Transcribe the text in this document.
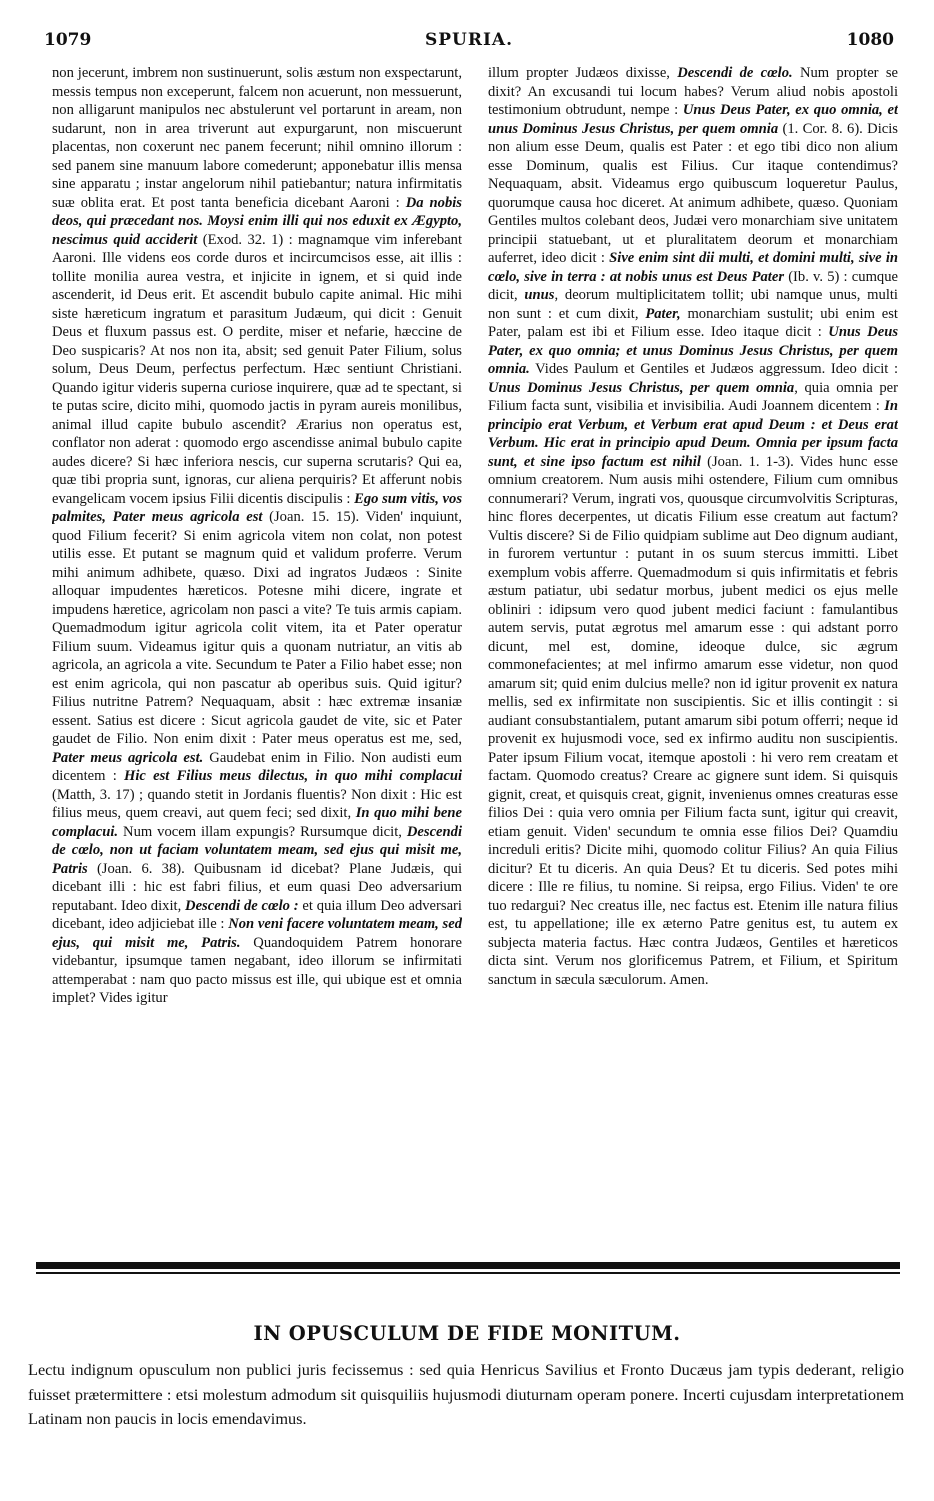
1079	SPURIA.	1080

non jecerunt, imbrem non sustinuerunt, solis æstum non exspectarunt, messis tempus non exceperunt, falcem non acuerunt, non messuerunt, non alligarunt manipulos nec abstulerunt vel portarunt in aream, non sudarunt, non in area triverunt aut expurgarunt, non miscuerunt placentas, non coxerunt nec panem fecerunt; nihil omnino illorum : sed panem sine manuum labore comederunt; apponebatur illis mensa sine apparatu ; instar angelorum nihil patiebantur; natura infirmitatis suæ oblita erat. Et post tanta beneficia dicebant Aaroni : Da nobis deos, qui præcedant nos. Moysi enim illi qui nos eduxit ex Ægypto, nescimus quid acciderit (Exod. 32. 1) : magnamque vim inferebant Aaroni. Ille videns eos corde duros et incircumcisos esse, ait illis : tollite monilia aurea vestra, et injicite in ignem, et si quid inde ascenderit, id Deus erit. Et ascendit bubulo capite animal. Hic mihi siste hæreticum ingratum et parasitum Judæum, qui dicit : Genuit Deus et fluxum passus est. O perdite, miser et nefarie, hæccine de Deo suspicaris? At nos non ita, absit; sed genuit Pater Filium, solus solum, Deus Deum, perfectus perfectum. Hæc sentiunt Christiani. Quando igitur videris superna curiose inquirere, quæ ad te spectant, si te putas scire, dicito mihi, quomodo jactis in pyram aureis monilibus, animal illud capite bubulo ascendit? Ærarius non operatus est, conflator non aderat : quomodo ergo ascendisse animal bubulo capite audes dicere? Si hæc inferiora nescis, cur superna scrutaris? Qui ea, quæ tibi propria sunt, ignoras, cur aliena perquiris? Et afferunt nobis evangelicam vocem ipsius Filii dicentis discipulis : Ego sum vitis, vos palmites, Pater meus agricola est (Joan. 15. 15). Viden' inquiunt, quod Filium fecerit? Si enim agricola vitem non colat, non potest utilis esse. Et putant se magnum quid et validum proferre. Verum mihi animum adhibete, quæso. Dixi ad ingratos Judæos : Sinite alloquar impudentes hæreticos. Potesne mihi dicere, ingrate et impudens hæretice, agricolam non pasci a vite? Te tuis armis capiam. Quemadmodum igitur agricola colit vitem, ita et Pater operatur Filium suum. Videamus igitur quis a quonam nutriatur, an vitis ab agricola, an agricola a vite. Secundum te Pater a Filio habet esse; non est enim agricola, qui non pascatur ab operibus suis. Quid igitur? Filius nutritne Patrem? Nequaquam, absit : hæc extremæ insaniæ essent. Satius est dicere : Sicut agricola gaudet de vite, sic et Pater gaudet de Filio. Non enim dixit : Pater meus operatus est me, sed, Pater meus agricola est. Gaudebat enim in Filio. Non audisti eum dicentem : Hic est Filius meus dilectus, in quo mihi complacui (Matth, 3. 17) ; quando stetit in Jordanis fluentis? Non dixit : Hic est filius meus, quem creavi, aut quem feci; sed dixit, In quo mihi bene complacui. Num vocem illam expungis? Rursumque dicit, Descendi de cœlo, non ut faciam voluntatem meam, sed ejus qui misit me, Patris (Joan. 6. 38). Quibusnam id dicebat? Plane Judæis, qui dicebant illi : hic est fabri filius, et eum quasi Deo adversarium reputabant. Ideo dixit, Descendi de cœlo : et quia illum Deo adversari dicebant, ideo adjiciebat ille : Non veni facere voluntatem meam, sed ejus, qui misit me, Patris. Quandoquidem Patrem honorare videbantur, ipsumque tamen negabant, ideo illorum se infirmitati attemperabat : nam quo pacto missus est ille, qui ubique est et omnia implet? Vides igitur

illum propter Judæos dixisse, Descendi de cœlo. Num propter se dixit? An excusandi tui locum habes? Verum aliud nobis apostoli testimonium obtrudunt, nempe : Unus Deus Pater, ex quo omnia, et unus Dominus Jesus Christus, per quem omnia (1. Cor. 8. 6). Dicis non alium esse Deum, qualis est Pater : et ego tibi dico non alium esse Dominum, qualis est Filius. Cur itaque contendimus? Nequaquam, absit. Videamus ergo quibuscum loqueretur Paulus, quorumque causa hoc diceret. At animum adhibete, quæso. Quoniam Gentiles multos colebant deos, Judæi vero monarchiam sive unitatem principii statuebant, ut et pluralitatem deorum et monarchiam auferret, ideo dicit : Sive enim sint dii multi, et domini multi, sive in cœlo, sive in terra : at nobis unus est Deus Pater (Ib. v. 5) : cumque dicit, unus, deorum multiplicitatem tollit; ubi namque unus, multi non sunt : et cum dixit, Pater, monarchiam sustulit; ubi enim est Pater, palam est ibi et Filium esse. Ideo itaque dicit : Unus Deus Pater, ex quo omnia; et unus Dominus Jesus Christus, per quem omnia. Vides Paulum et Gentiles et Judæos aggressum. Ideo dicit : Unus Dominus Jesus Christus, per quem omnia, quia omnia per Filium facta sunt, visibilia et invisibilia. Audi Joannem dicentem : In principio erat Verbum, et Verbum erat apud Deum : et Deus erat Verbum. Hic erat in principio apud Deum. Omnia per ipsum facta sunt, et sine ipso factum est nihil (Joan. 1. 1-3). Vides hunc esse omnium creatorem. Num ausis mihi ostendere, Filium cum omnibus connumerari? Verum, ingrati vos, quousque circumvolvitis Scripturas, hinc flores decerpentes, ut dicatis Filium esse creatum aut factum? Vultis discere? Si de Filio quidpiam sublime aut Deo dignum audiant, in furorem vertuntur : putant in os suum stercus immitti. Libet exemplum vobis afferre. Quemadmodum si quis infirmitatis et febris æstum patiatur, ubi sedatur morbus, jubent medici os ejus melle obliniri : idipsum vero quod jubent medici faciunt : famulantibus autem servis, putat ægrotus mel amarum esse : qui adstant porro dicunt, mel est, domine, ideoque dulce, sic ægrum commonefacientes; at mel infirmo amarum esse videtur, non quod amarum sit; quid enim dulcius melle? non id igitur provenit ex natura mellis, sed ex infirmitate non suscipientis. Sic et illis contingit : si audiant consubstantialem, putant amarum sibi potum offerri; neque id provenit ex hujusmodi voce, sed ex infirmo auditu non suscipientis. Pater ipsum Filium vocat, itemque apostoli : hi vero rem creatam et factam. Quomodo creatus? Creare ac gignere sunt idem. Si quisquis gignit, creat, et quisquis creat, gignit, invenienus omnes creaturas esse filios Dei : quia vero omnia per Filium facta sunt, igitur qui creavit, etiam genuit. Viden' secundum te omnia esse filios Dei? Quamdiu increduli eritis? Dicite mihi, quomodo colitur Filius? An quia Filius dicitur? Et tu diceris. An quia Deus? Et tu diceris. Sed potes mihi dicere : Ille re filius, tu nomine. Si reipsa, ergo Filius. Viden' te ore tuo redargui? Nec creatus ille, nec factus est. Etenim ille natura filius est, tu appellatione; ille ex æterno Patre genitus est, tu autem ex subjecta materia factus. Hæc contra Judæos, Gentiles et hæreticos dicta sint. Verum nos glorificemus Patrem, et Filium, et Spiritum sanctum in sæcula sæculorum. Amen.

IN OPUSCULUM DE FIDE MONITUM.
Lectu indignum opusculum non publici juris fecissemus : sed quia Henricus Savilius et Fronto Ducæus jam typis dederant, religio fuisset prætermittere : etsi molestum admodum sit quisquiliis hujusmodi diuturnam operam ponere. Incerti cujusdam interpretationem Latinam non paucis in locis emendavimus.
